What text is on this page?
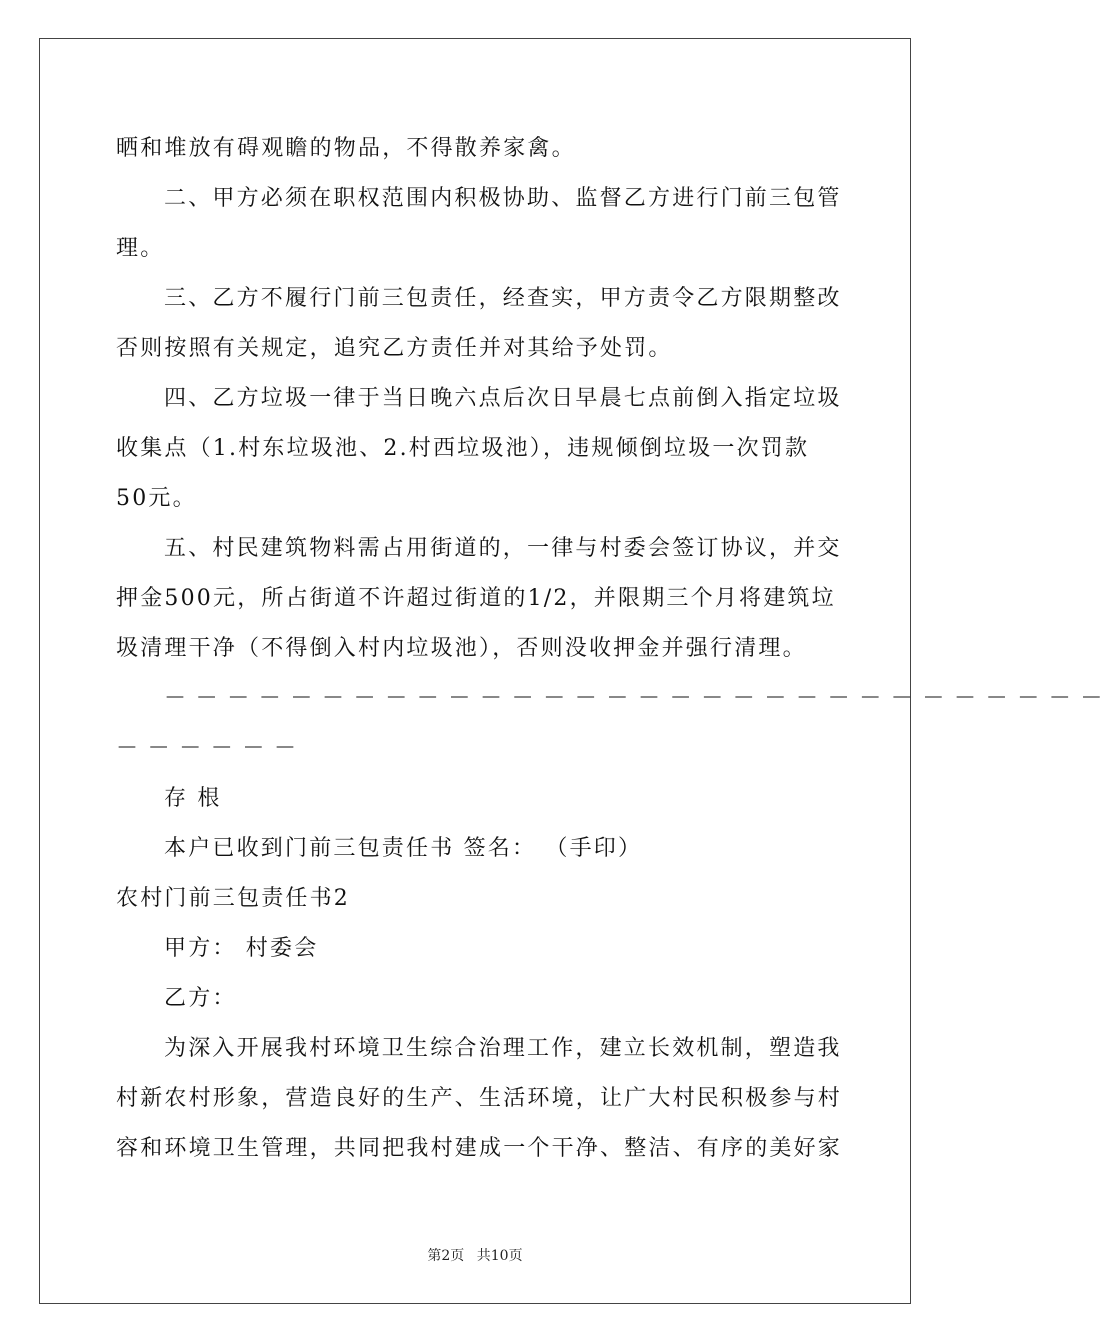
晒和堆放有碍观瞻的物品，不得散养家禽。
二、甲方必须在职权范围内积极协助、监督乙方进行门前三包管
理。
三、乙方不履行门前三包责任，经查实，甲方责令乙方限期整改
否则按照有关规定，追究乙方责任并对其给予处罚。
四、乙方垃圾一律于当日晚六点后次日早晨七点前倒入指定垃圾
收集点（1.村东垃圾池、2.村西垃圾池），违规倾倒垃圾一次罚款
50元。
五、村民建筑物料需占用街道的，一律与村委会签订协议，并交
押金500元，所占街道不许超过街道的1/2，并限期三个月将建筑垃
圾清理干净（不得倒入村内垃圾池），否则没收押金并强行清理。
－－－－－－－－－－－－－－－－－－－－－－－－－－－－－－
－－－－－－
存 根
本户已收到门前三包责任书 签名： （手印）
农村门前三包责任书2
甲方： 村委会
乙方：
为深入开展我村环境卫生综合治理工作，建立长效机制，塑造我
村新农村形象，营造良好的生产、生活环境，让广大村民积极参与村
容和环境卫生管理，共同把我村建成一个干净、整洁、有序的美好家
第2页 共10页
